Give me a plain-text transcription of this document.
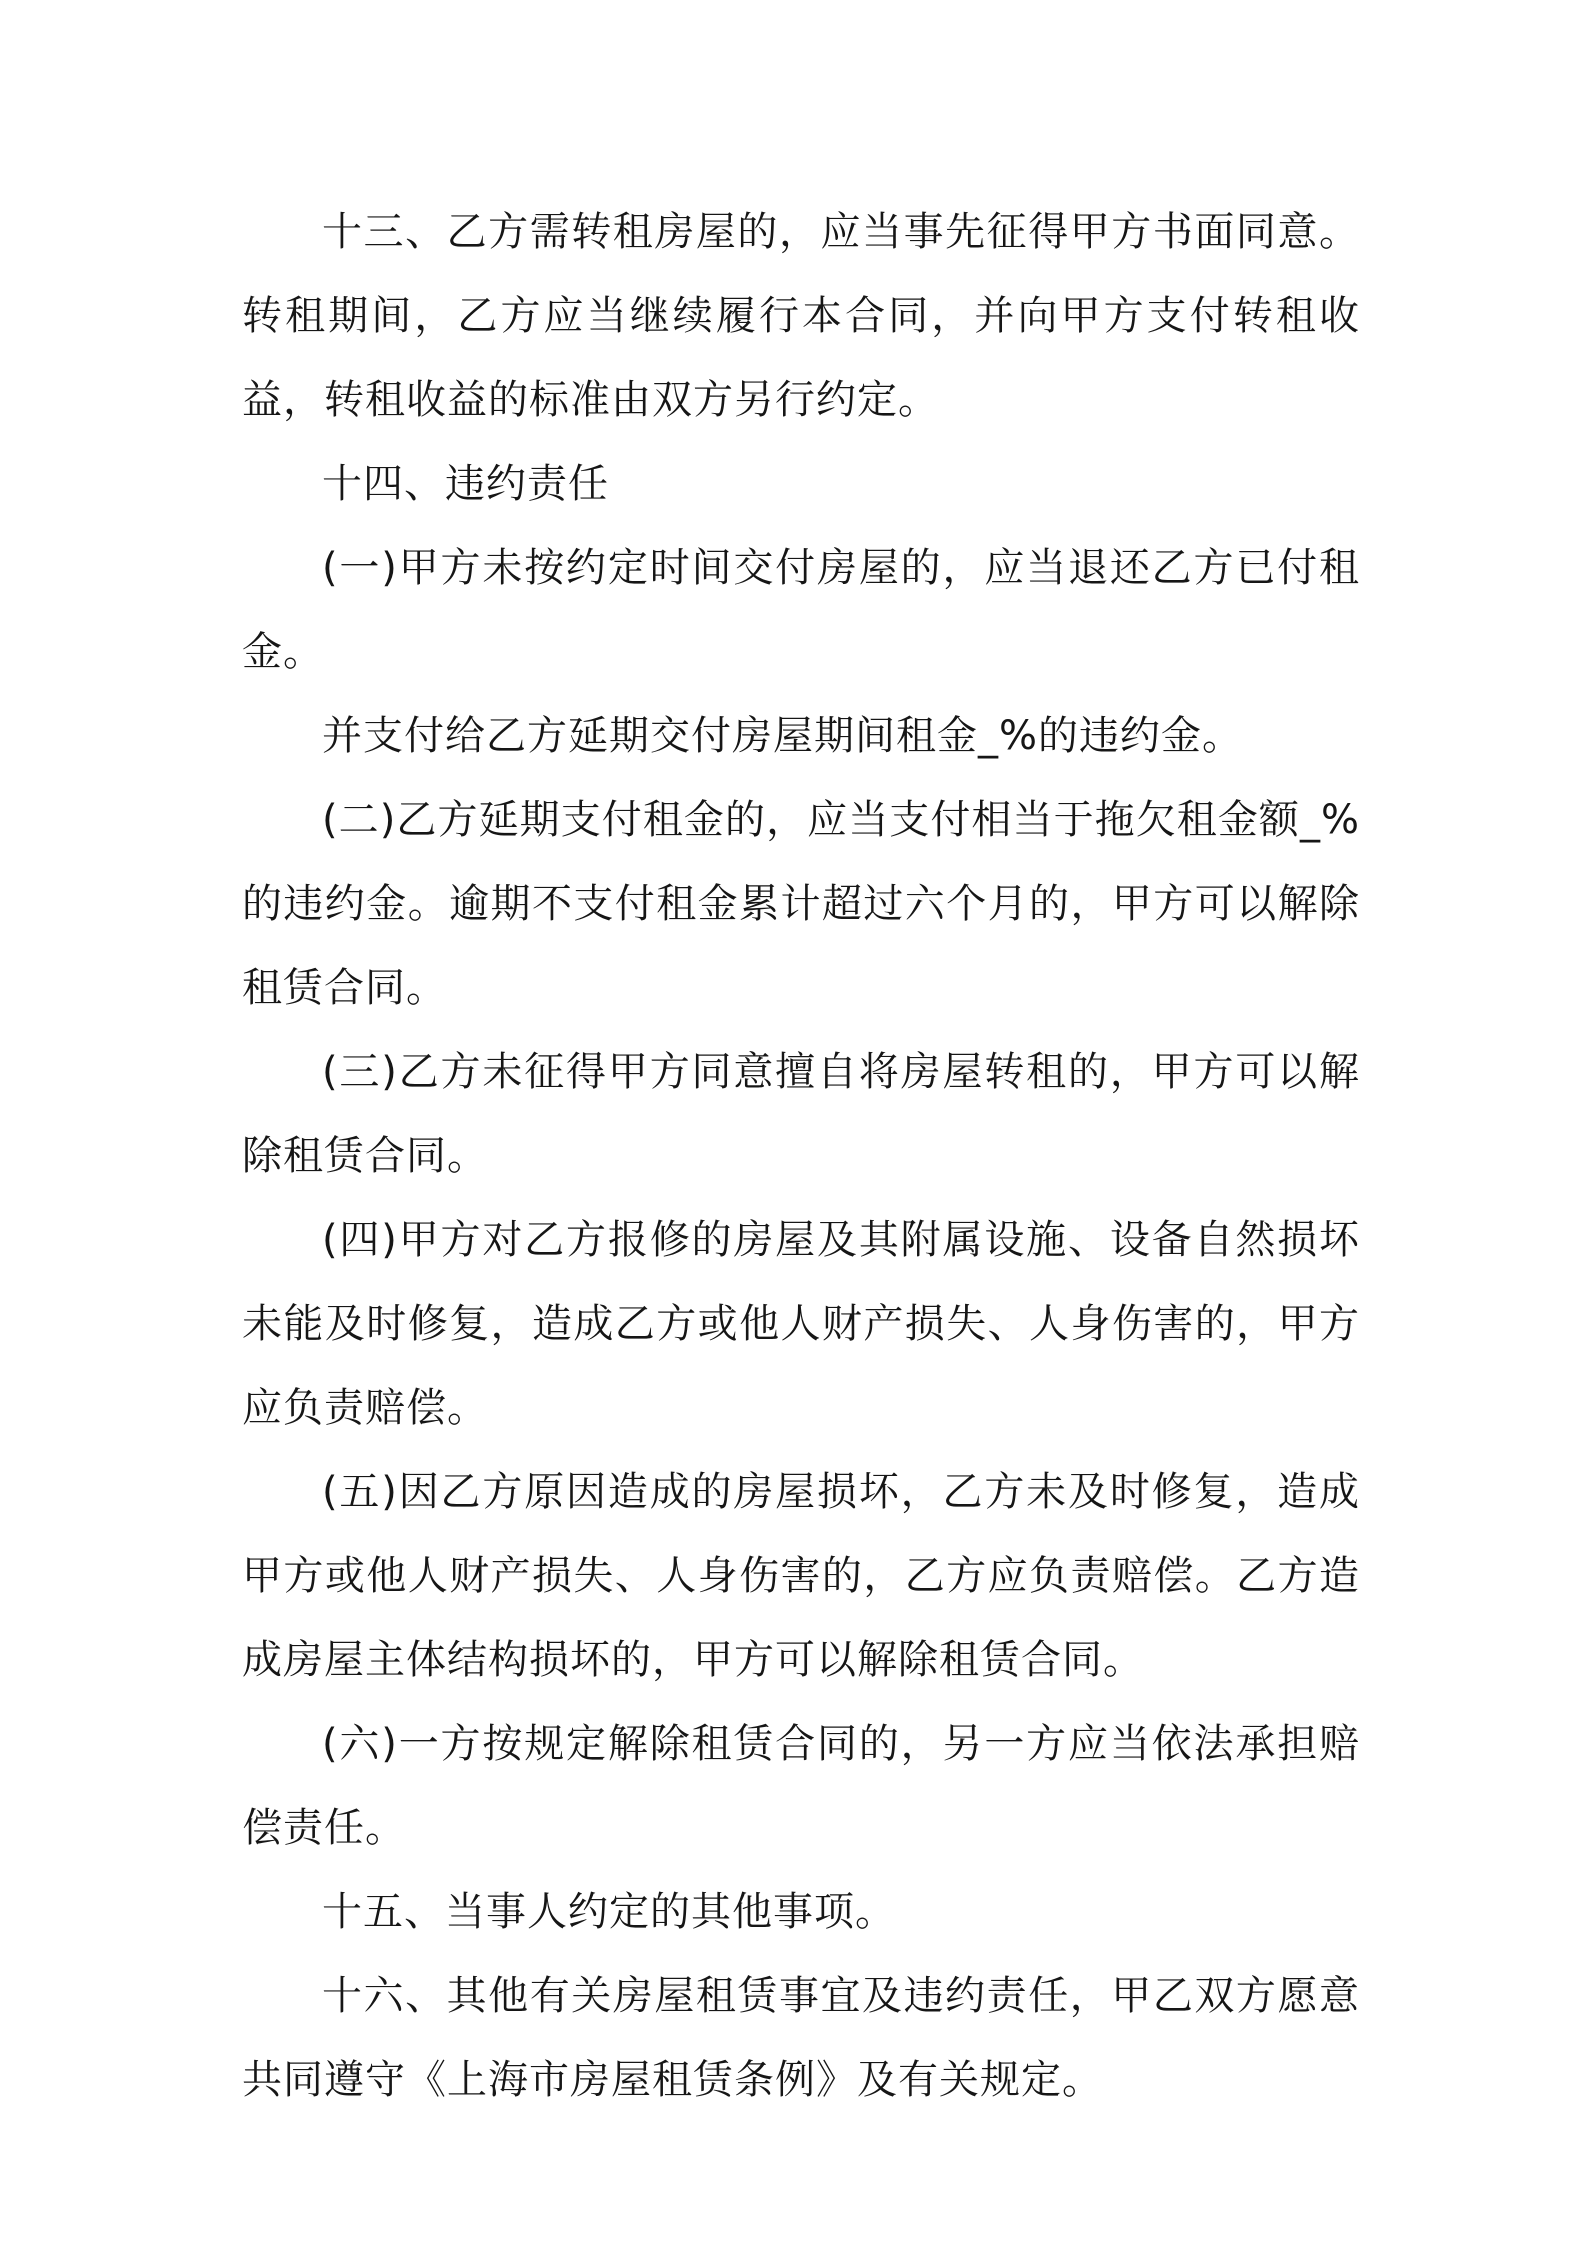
十三、乙方需转租房屋的，应当事先征得甲方书面同意。转租期间，乙方应当继续履行本合同，并向甲方支付转租收益，转租收益的标准由双方另行约定。

十四、违约责任

(一)甲方未按约定时间交付房屋的，应当退还乙方已付租金。

并支付给乙方延期交付房屋期间租金_%的违约金。

(二)乙方延期支付租金的，应当支付相当于拖欠租金额_%的违约金。逾期不支付租金累计超过六个月的，甲方可以解除租赁合同。

(三)乙方未征得甲方同意擅自将房屋转租的，甲方可以解除租赁合同。

(四)甲方对乙方报修的房屋及其附属设施、设备自然损坏未能及时修复，造成乙方或他人财产损失、人身伤害的，甲方应负责赔偿。

(五)因乙方原因造成的房屋损坏，乙方未及时修复，造成甲方或他人财产损失、人身伤害的，乙方应负责赔偿。乙方造成房屋主体结构损坏的，甲方可以解除租赁合同。

(六)一方按规定解除租赁合同的，另一方应当依法承担赔偿责任。

十五、当事人约定的其他事项。

十六、其他有关房屋租赁事宜及违约责任，甲乙双方愿意共同遵守《上海市房屋租赁条例》及有关规定。
